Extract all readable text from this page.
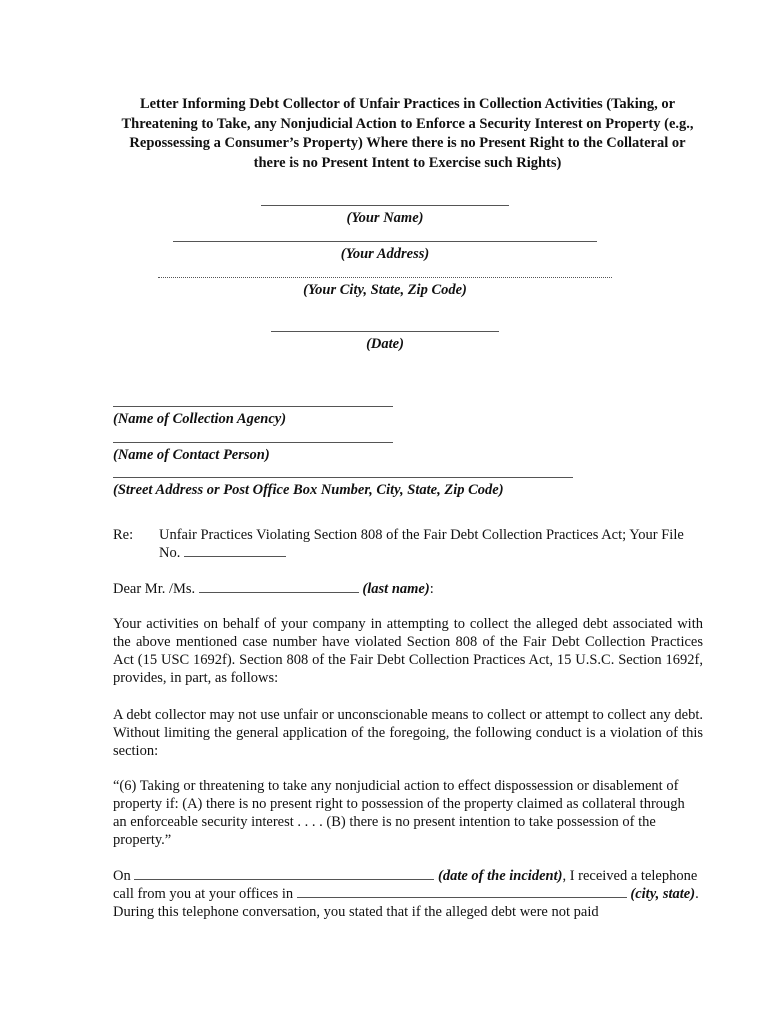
Letter Informing Debt Collector of Unfair Practices in Collection Activities (Taking, or Threatening to Take, any Nonjudicial Action to Enforce a Security Interest on Property (e.g., Repossessing a Consumer’s Property) Where there is no Present Right to the Collateral or there is no Present Intent to Exercise such Rights)

(Your Name)
(Your Address)
(Your City, State, Zip Code)
(Date)
(Name of Collection Agency)
(Name of Contact Person)
(Street Address or Post Office Box Number, City, State, Zip Code)
Re: Unfair Practices Violating Section 808 of the Fair Debt Collection Practices Act; Your File No.
Dear Mr. /Ms.	(last name):

Your activities on behalf of your company in attempting to collect the alleged debt associated with the above mentioned case number have violated Section 808 of the Fair Debt Collection Practices Act (15 USC 1692f). Section 808 of the Fair Debt Collection Practices Act, 15 U.S.C. Section 1692f, provides, in part, as follows:

A debt collector may not use unfair or unconscionable means to collect or attempt to collect any debt. Without limiting the general application of the foregoing, the following conduct is a violation of this section:

“(6) Taking or threatening to take any nonjudicial action to effect dispossession or disablement of property if: (A) there is no present right to possession of the property claimed as collateral through an enforceable security interest . . . . (B) there is no present intention to take possession of the property.”

On	(date of the incident), I received a telephone call from you at your offices in	(city, state). During this telephone conversation, you stated that if the alleged debt were not paid
